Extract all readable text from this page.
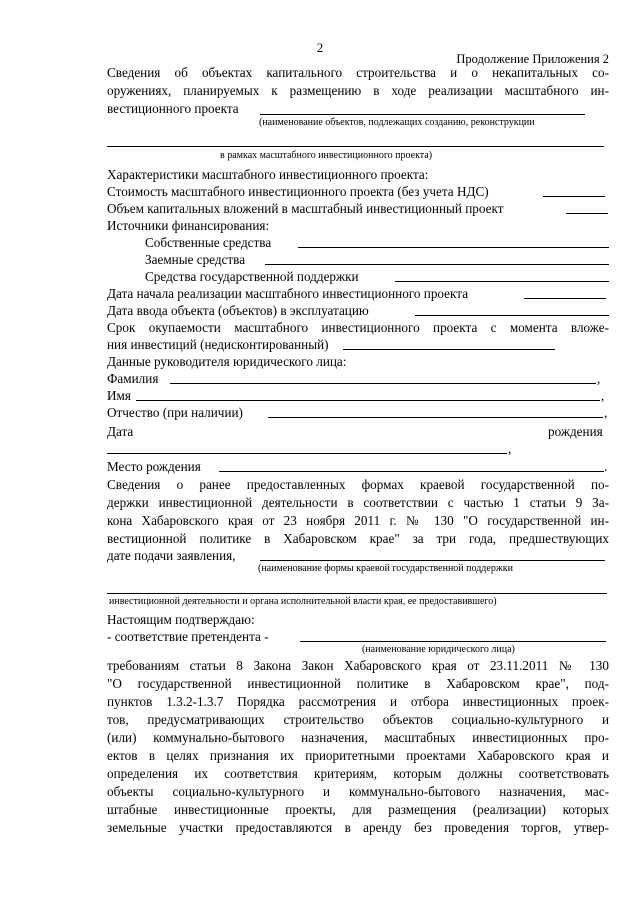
2
Продолжение Приложения 2
Сведения об объектах капитального строительства и о некапитальных со-
оружениях, планируемых к размещению в ходе реализации масштабного ин-
вестиционного проекта
(наименование объектов, подлежащих созданию, реконструкции
в рамках масштабного инвестиционного проекта)
Характеристики масштабного инвестиционного проекта:
Стоимость масштабного инвестиционного проекта (без учета НДС)
Объем капитальных вложений в масштабный инвестиционный проект
Источники финансирования:
Собственные средства
Заемные средства
Средства государственной поддержки
Дата начала реализации масштабного инвестиционного проекта
Дата ввода объекта (объектов) в эксплуатацию
Срок окупаемости масштабного инвестиционного проекта с момента вложе-
ния инвестиций (недисконтированный)
Данные руководителя юридического лица:
Фамилия	,
Имя	,
Отчество (при наличии)	,
Дата	рождения
,
Место рождения	.
Сведения о ранее предоставленных формах краевой государственной по-
держки инвестиционной деятельности в соответствии с частью 1 статьи 9 За-
кона Хабаровского края от 23 ноября 2011 г. № 130 "О государственной ин-
вестиционной политике в Хабаровском крае" за три года, предшествующих
дате подачи заявления,
(наименование формы краевой государственной поддержки
инвестиционной деятельности и органа исполнительной власти края, ее предоставившего)
Настоящим подтверждаю:
- соответствие претендента -
(наименование юридического лица)
требованиям статьи 8 Закона Закон Хабаровского края от 23.11.2011 № 130
"О государственной инвестиционной политике в Хабаровском крае", под-
пунктов 1.3.2-1.3.7 Порядка рассмотрения и отбора инвестиционных проек-
тов, предусматривающих строительство объектов социально-культурного и
(или) коммунально-бытового назначения, масштабных инвестиционных про-
ектов в целях признания их приоритетными проектами Хабаровского края и
определения их соответствия критериям, которым должны соответствовать
объекты социально-культурного и коммунально-бытового назначения, мас-
штабные инвестиционные проекты, для размещения (реализации) которых
земельные участки предоставляются в аренду без проведения торгов, утвер-
